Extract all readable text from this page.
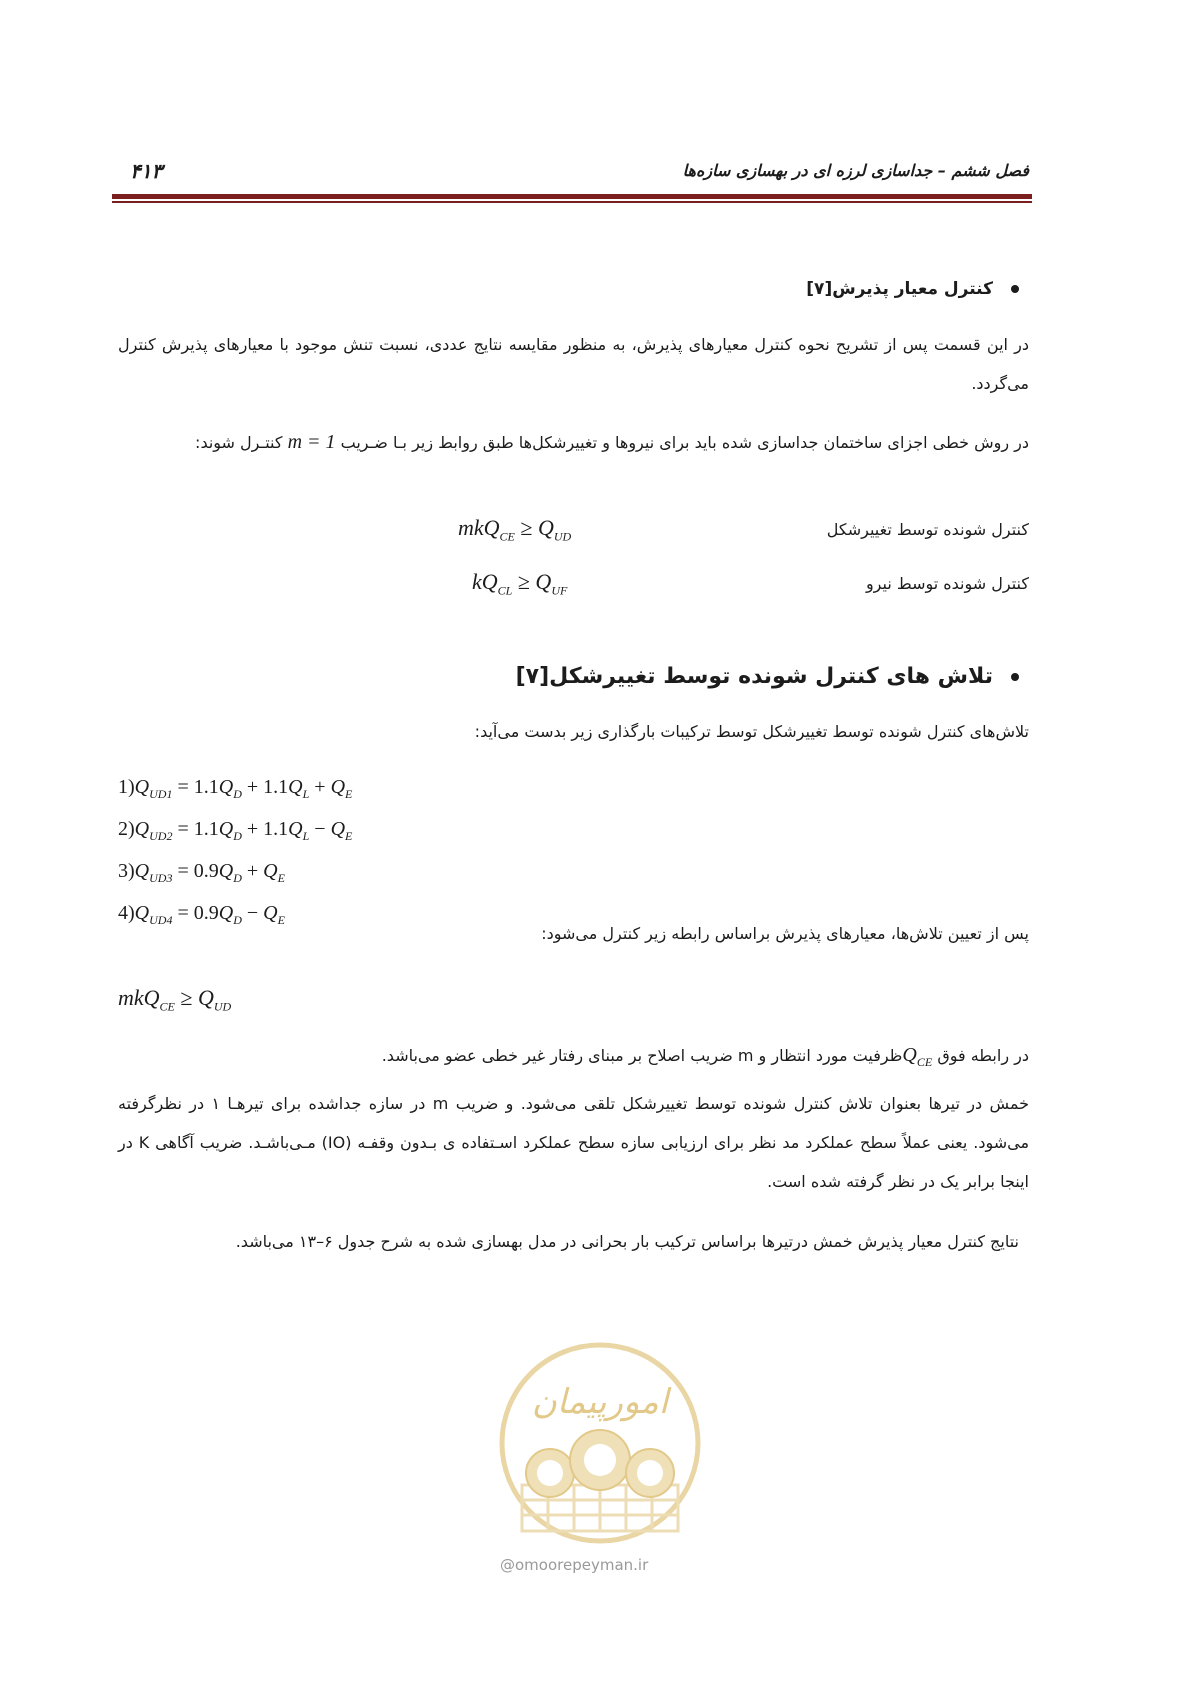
فصل ششم – جداسازی لرزه ای در بهسازی سازه‌ها
۴۱۳
کنترل معیار پذیرش[۷]
در این قسمت پس از تشریح نحوه کنترل معیارهای پذیرش، به منظور مقایسه نتایج عددی، نسبت تنش موجود با معیارهای پذیرش کنترل می‌گردد.
در روش خطی اجزای ساختمان جداسازی شده باید برای نیروها و تغییرشکل‌ها طبق روابط زیر بـا ضـریب m = 1 کنتـرل شوند:
کنترل شونده توسط تغییرشکل
$mkQ_{CE} \ge Q_{UD}$
کنترل شونده توسط نیرو
$kQ_{CL} \ge Q_{UF}$
تلاش های کنترل شونده توسط تغییرشکل[۷]
تلاش‌های کنترل شونده توسط تغییرشکل توسط ترکیبات بارگذاری زیر بدست می‌آید:
$1)Q_{UD1} = 1.1Q_D + 1.1Q_L + Q_E$
$2)Q_{UD2} = 1.1Q_D + 1.1Q_L - Q_E$
$3)Q_{UD3} = 0.9Q_D + Q_E$
$4)Q_{UD4} = 0.9Q_D - Q_E$
پس از تعیین تلاش‌ها، معیارهای پذیرش براساس رابطه زیر کنترل می‌شود:
$mkQ_{CE} \ge Q_{UD}$
در رابطه فوق $Q_{CE}ظرفیت$ مورد انتظار و m ضریب اصلاح بر مبنای رفتار غیر خطی عضو می‌باشد.
خمش در تیرها بعنوان تلاش کنترل شونده توسط تغییرشکل تلقی می‌شود. و ضریب m در سازه جداشده برای تیرهـا ۱ در نظرگرفته می‌شود. یعنی عملاً سطح عملکرد مد نظر برای ارزیابی سازه سطح عملکرد اسـتفاده ی بـدون وقفـه (IO) مـی‌باشـد. ضریب آگاهی K در اینجا برابر یک در نظر گرفته شده است.
نتایج کنترل معیار پذیرش خمش درتیرها براساس ترکیب بار بحرانی در مدل بهسازی شده به شرح جدول ۶–۱۳ می‌باشد.
امورپیمان
@omoorepeyman.ir
